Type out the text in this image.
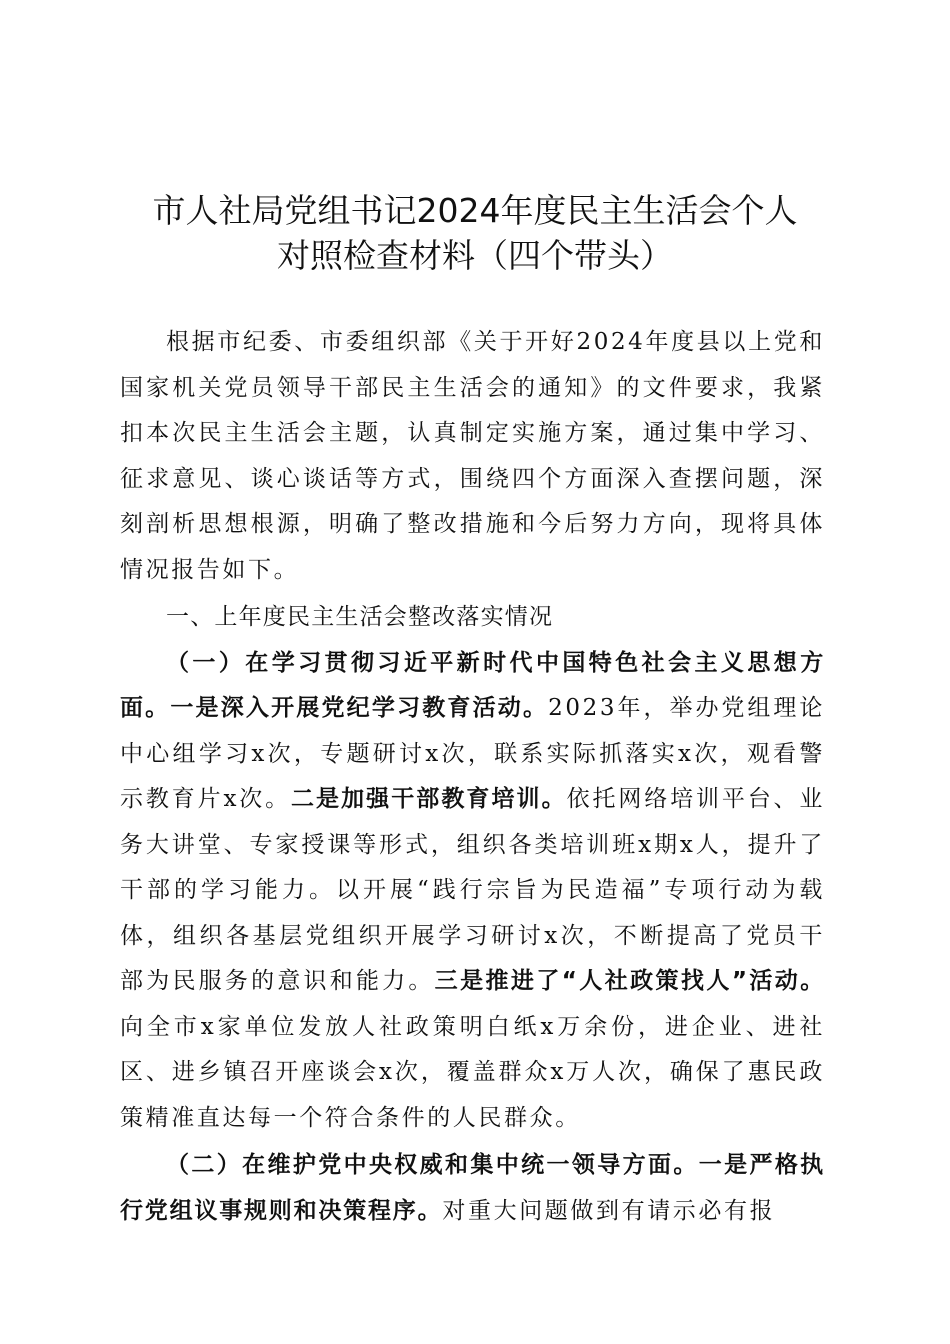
市人社局党组书记2024年度民主生活会个人
对照检查材料（四个带头）

根据市纪委、市委组织部《关于开好2024年度县以上党和国家机关党员领导干部民主生活会的通知》的文件要求，我紧扣本次民主生活会主题，认真制定实施方案，通过集中学习、征求意见、谈心谈话等方式，围绕四个方面深入查摆问题，深刻剖析思想根源，明确了整改措施和今后努力方向，现将具体情况报告如下。

一、上年度民主生活会整改落实情况

（一）在学习贯彻习近平新时代中国特色社会主义思想方面。一是深入开展党纪学习教育活动。2023年，举办党组理论中心组学习x次，专题研讨x次，联系实际抓落实x次，观看警示教育片x次。二是加强干部教育培训。依托网络培训平台、业务大讲堂、专家授课等形式，组织各类培训班x期x人，提升了干部的学习能力。以开展“践行宗旨为民造福”专项行动为载体，组织各基层党组织开展学习研讨x次，不断提高了党员干部为民服务的意识和能力。三是推进了“人社政策找人”活动。向全市x家单位发放人社政策明白纸x万余份，进企业、进社区、进乡镇召开座谈会x次，覆盖群众x万人次，确保了惠民政策精准直达每一个符合条件的人民群众。

（二）在维护党中央权威和集中统一领导方面。一是严格执行党组议事规则和决策程序。对重大问题做到有请示必有报
